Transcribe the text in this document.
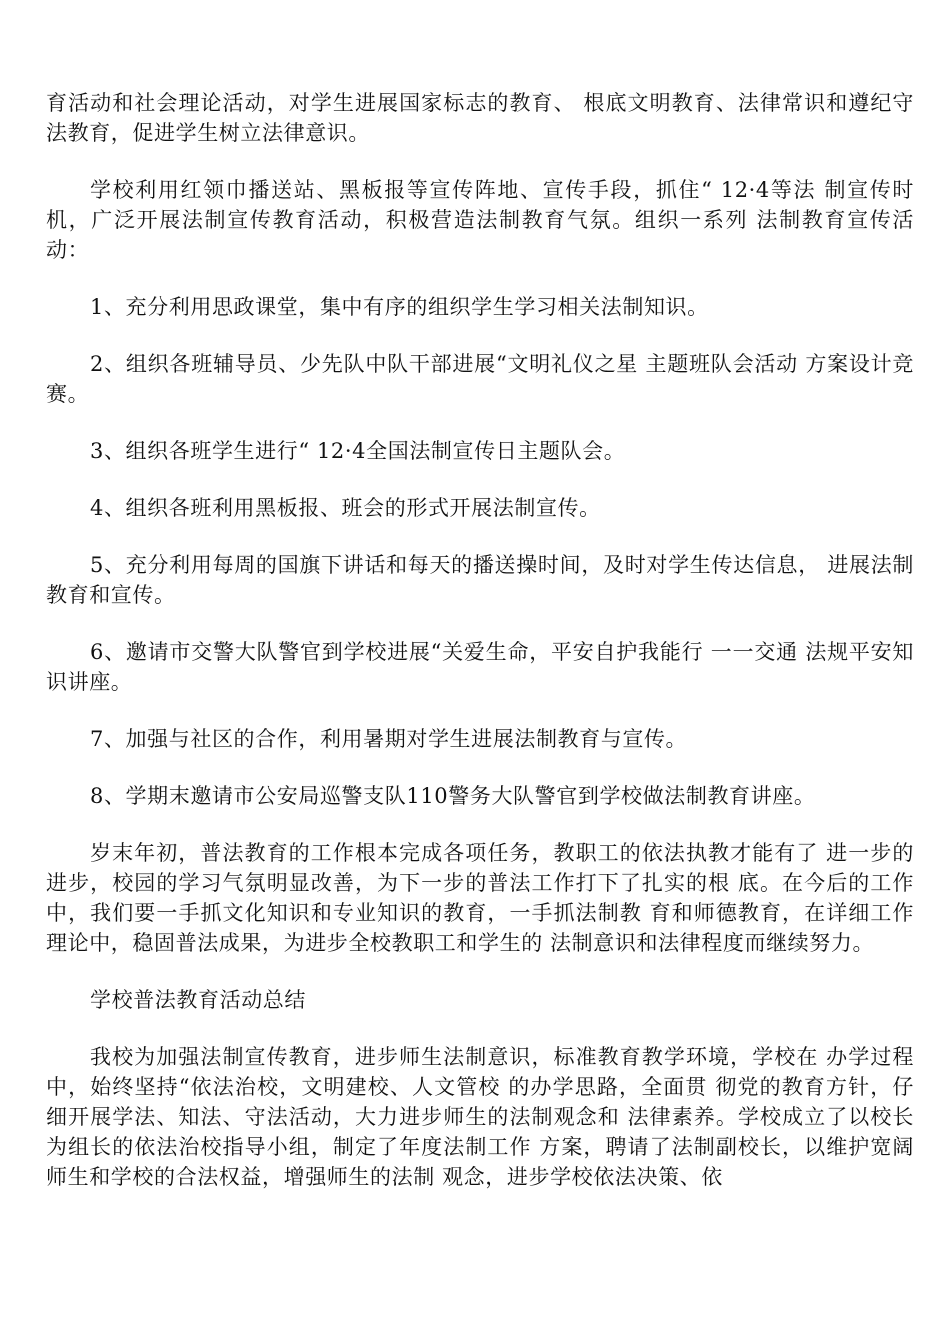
育活动和社会理论活动，对学生进展国家标志的教育、 根底文明教育、法律常识和遵纪守法教育，促进学生树立法律意识。

学校利用红领巾播送站、黑板报等宣传阵地、宣传手段，抓住“ 12·4等法 制宣传时机，广泛开展法制宣传教育活动，积极营造法制教育气氛。组织一系列 法制教育宣传活动：

1、充分利用思政课堂，集中有序的组织学生学习相关法制知识。

2、组织各班辅导员、少先队中队干部进展“文明礼仪之星 主题班队会活动 方案设计竞赛。

3、组织各班学生进行“ 12·4全国法制宣传日主题队会。

4、组织各班利用黑板报、班会的形式开展法制宣传。

5、充分利用每周的国旗下讲话和每天的播送操时间，及时对学生传达信息， 进展法制教育和宣传。

6、邀请市交警大队警官到学校进展“关爱生命，平安自护我能行 一一交通 法规平安知识讲座。

7、加强与社区的合作，利用暑期对学生进展法制教育与宣传。

8、学期末邀请市公安局巡警支队110警务大队警官到学校做法制教育讲座。

岁末年初，普法教育的工作根本完成各项任务，教职工的依法执教才能有了 进一步的进步，校园的学习气氛明显改善，为下一步的普法工作打下了扎实的根 底。在今后的工作中，我们要一手抓文化知识和专业知识的教育，一手抓法制教 育和师德教育，在详细工作理论中，稳固普法成果，为进步全校教职工和学生的 法制意识和法律程度而继续努力。

学校普法教育活动总结

我校为加强法制宣传教育，进步师生法制意识，标准教育教学环境，学校在 办学过程中，始终坚持“依法治校，文明建校、人文管校 的办学思路，全面贯 彻党的教育方针，仔细开展学法、知法、守法活动，大力进步师生的法制观念和 法律素养。学校成立了以校长为组长的依法治校指导小组，制定了年度法制工作 方案，聘请了法制副校长，以维护宽阔师生和学校的合法权益，增强师生的法制 观念，进步学校依法决策、依
